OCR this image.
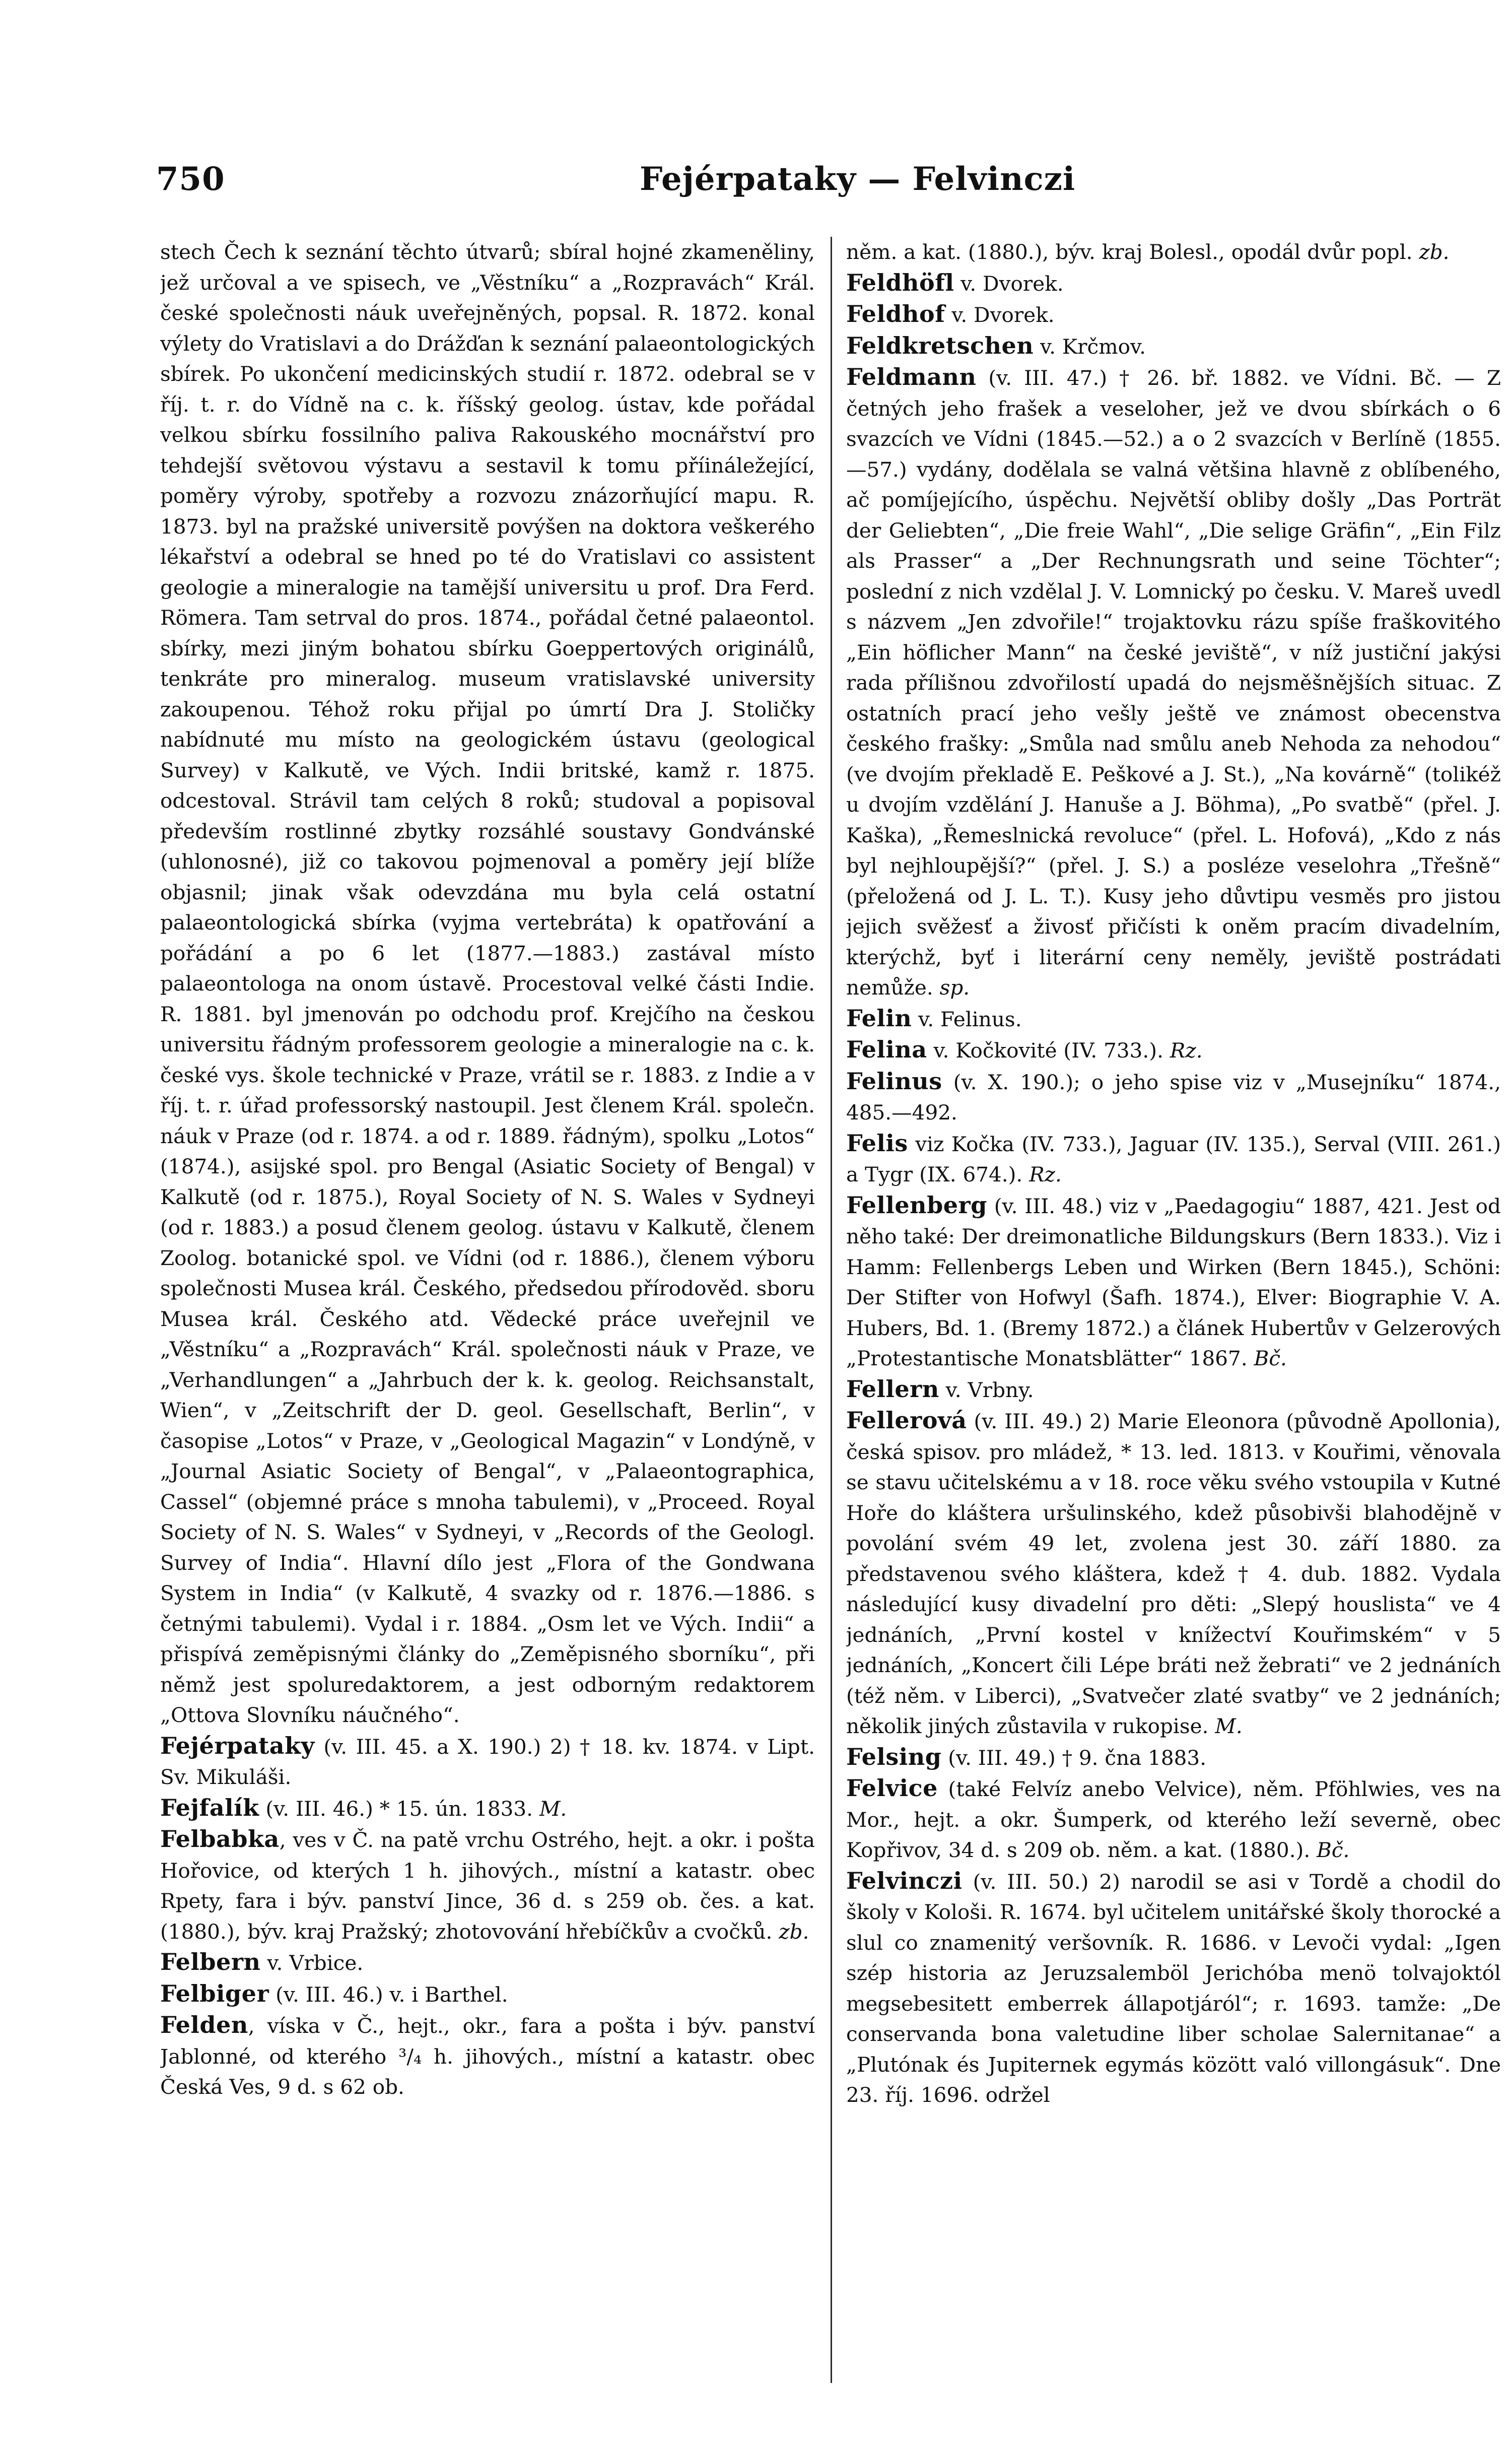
750	Fejérpataky — Felvinczi

stech Čech k seznání těchto útvarů; sbíral hojné zkameněliny, jež určoval a ve spisech, ve „Věstníku“ a „Rozpravách“ Král. české společnosti náuk uveřejněných, popsal. R. 1872. konal výlety do Vratislavi a do Drážďan k seznání palaeontologických sbírek. Po ukončení medicinských studií r. 1872. odebral se v říj. t. r. do Vídně na c. k. říšský geolog. ústav, kde pořádal velkou sbírku fossilního paliva Rakouského mocnářství pro tehdejší světovou výstavu a sestavil k tomu příináležející, poměry výroby, spotřeby a rozvozu znázorňující mapu. R. 1873. byl na pražské universitě povýšen na doktora veškerého lékařství a odebral se hned po té do Vratislavi co assistent geologie a mineralogie na tamější universitu u prof. Dra Ferd. Römera. Tam setrval do pros. 1874., pořádal četné palaeontol. sbírky, mezi jiným bohatou sbírku Goeppertových originálů, tenkráte pro mineralog. museum vratislavské university zakoupenou. Téhož roku přijal po úmrtí Dra J. Stoličky nabídnuté mu místo na geologickém ústavu (geological Survey) v Kalkutě, ve Vých. Indii britské, kamž r. 1875. odcestoval. Strávil tam celých 8 roků; studoval a popisoval především rostlinné zbytky rozsáhlé soustavy Gondvánské (uhlonosné), již co takovou pojmenoval a poměry její blíže objasnil; jinak však odevzdána mu byla celá ostatní palaeontologická sbírka (vyjma vertebráta) k opatřování a pořádání a po 6 let (1877.—1883.) zastával místo palaeontologa na onom ústavě. Procestoval velké části Indie. R. 1881. byl jmenován po odchodu prof. Krejčího na českou universitu řádným professorem geologie a mineralogie na c. k. české vys. škole technické v Praze, vrátil se r. 1883. z Indie a v říj. t. r. úřad professorský nastoupil. Jest členem Král. společn. náuk v Praze (od r. 1874. a od r. 1889. řádným), spolku „Lotos“ (1874.), asijské spol. pro Bengal (Asiatic Society of Bengal) v Kalkutě (od r. 1875.), Royal Society of N. S. Wales v Sydneyi (od r. 1883.) a posud členem geolog. ústavu v Kalkutě, členem Zoolog. botanické spol. ve Vídni (od r. 1886.), členem výboru společnosti Musea král. Českého, předsedou přírodověd. sboru Musea král. Českého atd. Vědecké práce uveřejnil ve „Věstníku“ a „Rozpravách“ Král. společnosti náuk v Praze, ve „Verhandlungen“ a „Jahrbuch der k. k. geolog. Reichsanstalt, Wien“, v „Zeitschrift der D. geol. Gesellschaft, Berlin“, v časopise „Lotos“ v Praze, v „Geological Magazin“ v Londýně, v „Journal Asiatic Society of Bengal“, v „Palaeontographica, Cassel“ (objemné práce s mnoha tabulemi), v „Proceed. Royal Society of N. S. Wales“ v Sydneyi, v „Records of the Geologl. Survey of India“. Hlavní dílo jest „Flora of the Gondwana System in India“ (v Kalkutě, 4 svazky od r. 1876.—1886. s četnými tabulemi). Vydal i r. 1884. „Osm let ve Vých. Indii“ a přispívá zeměpisnými články do „Zeměpisného sborníku“, při němž jest spoluredaktorem, a jest odborným redaktorem „Ottova Slovníku náučného“.

Fejérpataky (v. III. 45. a X. 190.) 2) † 18. kv. 1874. v Lipt. Sv. Mikuláši.

Fejfalík (v. III. 46.) * 15. ún. 1833. M.

Felbabka, ves v Č. na patě vrchu Ostrého, hejt. a okr. i pošta Hořovice, od kterých 1 h. jihových., místní a katastr. obec Rpety, fara i býv. panství Jince, 36 d. s 259 ob. čes. a kat. (1880.), býv. kraj Pražský; zhotovování hřebíčkův a cvočků. zb.

Felbern v. Vrbice.

Felbiger (v. III. 46.) v. i Barthel.

Felden, víska v Č., hejt., okr., fara a pošta i býv. panství Jablonné, od kterého ³/₄ h. jihových., místní a katastr. obec Česká Ves, 9 d. s 62 ob.

něm. a kat. (1880.), býv. kraj Bolesl., opodál dvůr popl. zb.

Feldhöfl v. Dvorek.

Feldhof v. Dvorek.

Feldkretschen v. Krčmov.

Feldmann (v. III. 47.) † 26. bř. 1882. ve Vídni. Bč. — Z četných jeho frašek a veseloher, jež ve dvou sbírkách o 6 svazcích ve Vídni (1845.—52.) a o 2 svazcích v Berlíně (1855.—57.) vydány, dodělala se valná většina hlavně z oblíbeného, ač pomíjejícího, úspěchu. Největší obliby došly „Das Porträt der Geliebten“, „Die freie Wahl“, „Die selige Gräfin“, „Ein Filz als Prasser“ a „Der Rechnungsrath und seine Töchter“; poslední z nich vzdělal J. V. Lomnický po česku. V. Mareš uvedl s názvem „Jen zdvořile!“ trojaktovku rázu spíše fraškovitého „Ein höflicher Mann“ na české jeviště“, v níž justiční jakýsi rada přílišnou zdvořilostí upadá do nejsměšnějších situac. Z ostatních prací jeho vešly ještě ve známost obecenstva českého frašky: „Smůla nad smůlu aneb Nehoda za nehodou“ (ve dvojím překladě E. Peškové a J. St.), „Na kovárně“ (tolikéž u dvojím vzdělání J. Hanuše a J. Böhma), „Po svatbě“ (přel. J. Kaška), „Řemeslnická revoluce“ (přel. L. Hofová), „Kdo z nás byl nejhloupější?“ (přel. J. S.) a posléze veselohra „Třešně“ (přeložená od J. L. T.). Kusy jeho důvtipu vesměs pro jistou jejich svěžesť a živosť přičísti k oněm pracím divadelním, kterýchž, byť i literární ceny neměly, jeviště postrádati nemůže. sp.

Felin v. Felinus.

Felina v. Kočkovité (IV. 733.). Rz.

Felinus (v. X. 190.); o jeho spise viz v „Musejníku“ 1874., 485.—492.

Felis viz Kočka (IV. 733.), Jaguar (IV. 135.), Serval (VIII. 261.) a Tygr (IX. 674.). Rz.

Fellenberg (v. III. 48.) viz v „Paedagogiu“ 1887, 421. Jest od něho také: Der dreimonatliche Bildungskurs (Bern 1833.). Viz i Hamm: Fellenbergs Leben und Wirken (Bern 1845.), Schöni: Der Stifter von Hofwyl (Šafh. 1874.), Elver: Biographie V. A. Hubers, Bd. 1. (Bremy 1872.) a článek Hubertův v Gelzerových „Protestantische Monatsblätter“ 1867. Bč.

Fellern v. Vrbny.

Fellerová (v. III. 49.) 2) Marie Eleonora (původně Apollonia), česká spisov. pro mládež, * 13. led. 1813. v Kouřimi, věnovala se stavu učitelskému a v 18. roce věku svého vstoupila v Kutné Hoře do kláštera uršulinského, kdež působivši blahodějně v povolání svém 49 let, zvolena jest 30. září 1880. za představenou svého kláštera, kdež † 4. dub. 1882. Vydala následující kusy divadelní pro děti: „Slepý houslista“ ve 4 jednáních, „První kostel v knížectví Kouřimském“ v 5 jednáních, „Koncert čili Lépe bráti než žebrati“ ve 2 jednáních (též něm. v Liberci), „Svatvečer zlaté svatby“ ve 2 jednáních; několik jiných zůstavila v rukopise. M.

Felsing (v. III. 49.) † 9. čna 1883.

Felvice (také Felvíz anebo Velvice), něm. Pföhlwies, ves na Mor., hejt. a okr. Šumperk, od kterého leží severně, obec Kopřivov, 34 d. s 209 ob. něm. a kat. (1880.). Bč.

Felvinczi (v. III. 50.) 2) narodil se asi v Tordě a chodil do školy v Kološi. R. 1674. byl učitelem unitářské školy thorocké a slul co znamenitý veršovník. R. 1686. v Levoči vydal: „Igen szép historia az Jeruzsalemböl Jerichóba menö tolvajoktól megsebesitett emberrek állapotjáról“; r. 1693. tamže: „De conservanda bona valetudine liber scholae Salernitanae“ a „Plutónak és Jupiternek egymás között való villongásuk“. Dne 23. říj. 1696. održel
